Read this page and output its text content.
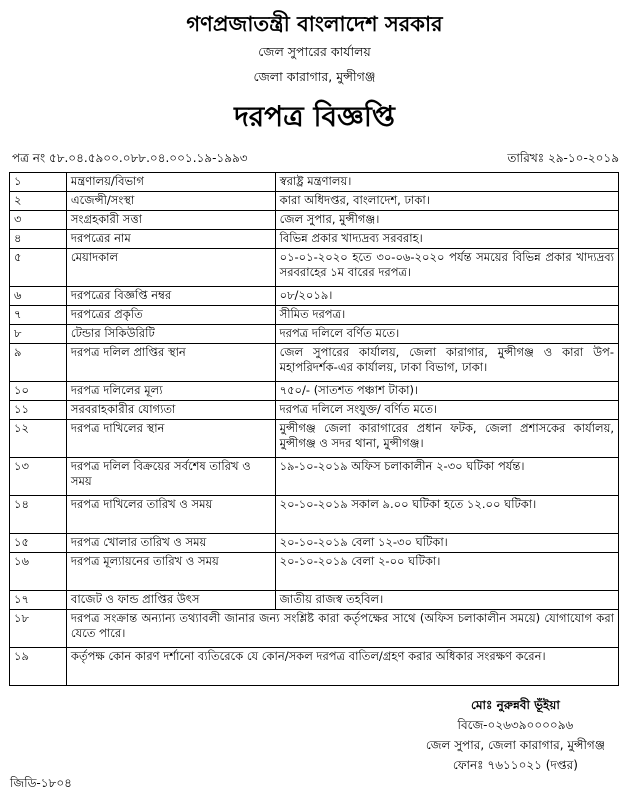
গণপ্রজাতন্ত্রী বাংলাদেশ সরকার
জেল সুপারের কার্যালয়
জেলা কারাগার, মুন্সীগঞ্জ
দরপত্র বিজ্ঞপ্তি
পত্র নং ৫৮.০৪.৫৯০০.০৮৮.০৪.০০১.১৯-১৯৯৩	তারিখঃ ২৯-১০-২০১৯
১	মন্ত্রণালয়/বিভাগ	স্বরাষ্ট্র মন্ত্রণালয়।
২	এজেন্সী/সংস্থা	কারা অধিদপ্তর, বাংলাদেশ, ঢাকা।
৩	সংগ্রহকারী সত্তা	জেল সুপার, মুন্সীগঞ্জ।
৪	দরপত্রের নাম	বিভিন্ন প্রকার খাদ্যদ্রব্য সরবরাহ।
৫	মেয়াদকাল	০১-০১-২০২০ হতে ৩০-০৬-২০২০ পর্যন্ত সময়ের বিভিন্ন প্রকার খাদ্যদ্রব্য সরবরাহের ১ম বারের দরপত্র।
৬	দরপত্রের বিজ্ঞপ্তি নম্বর	০৮/২০১৯।
৭	দরপত্রের প্রকৃতি	সীমিত দরপত্র।
৮	টেন্ডার সিকিউরিটি	দরপত্র দলিলে বর্ণিত মতে।
৯	দরপত্র দলিল প্রাপ্তির স্থান	জেল সুপারের কার্যালয়, জেলা কারাগার, মুন্সীগঞ্জ ও কারা উপ-মহাপরিদর্শক-এর কার্যালয়, ঢাকা বিভাগ, ঢাকা।
১০	দরপত্র দলিলের মূল্য	৭৫০/- (সাতশত পঞ্চাশ টাকা)।
১১	সরবরাহকারীর যোগ্যতা	দরপত্র দলিলে সংযুক্ত/ বর্ণিত মতে।
১২	দরপত্র দাখিলের স্থান	মুন্সীগঞ্জ জেলা কারাগারের প্রধান ফটক, জেলা প্রশাসকের কার্যালয়, মুন্সীগঞ্জ ও সদর থানা, মুন্সীগঞ্জ।
১৩	দরপত্র দলিল বিক্রয়ের সর্বশেষ তারিখ ও সময়	১৯-১০-২০১৯ অফিস চলাকালীন ২-৩০ ঘটিকা পর্যন্ত।
১৪	দরপত্র দাখিলের তারিখ ও সময়	২০-১০-২০১৯ সকাল ৯.০০ ঘটিকা হতে ১২.০০ ঘটিকা।
১৫	দরপত্র খোলার তারিখ ও সময়	২০-১০-২০১৯ বেলা ১২-৩০ ঘটিকা।
১৬	দরপত্র মূল্যায়নের তারিখ ও সময়	২০-১০-২০১৯ বেলা ২-০০ ঘটিকা।
১৭	বাজেট ও ফান্ড প্রাপ্তির উৎস	জাতীয় রাজস্ব তহবিল।
১৮	দরপত্র সংক্রান্ত অন্যান্য তথ্যাবলী জানার জন্য সংশ্লিষ্ট কারা কর্তৃপক্ষের সাথে (অফিস চলাকালীন সময়ে) যোগাযোগ করা যেতে পারে।	
১৯	কর্তৃপক্ষ কোন কারণ দর্শানো ব্যতিরেকে যে কোন/সকল দরপত্র বাতিল/গ্রহণ করার অধিকার সংরক্ষণ করেন।	
মোঃ নুরুন্নবী ভূঁইয়া
বিজে-০২৬৩৯০০০০৯৬
জেল সুপার, জেলা কারাগার, মুন্সীগঞ্জ
ফোনঃ ৭৬১১০২১ (দপ্তর)
জিডি-১৮০৪
